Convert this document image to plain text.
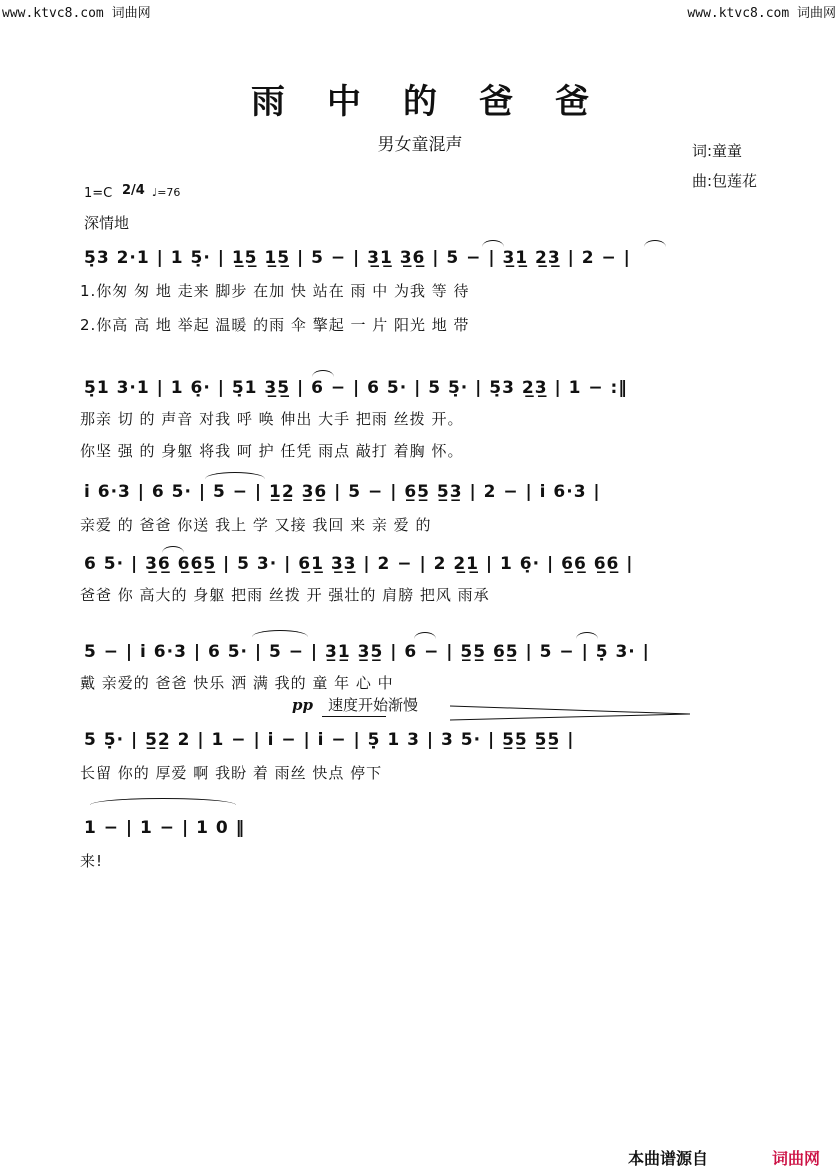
www.ktvc8.com 词曲网	www.ktvc8.com 词曲网
雨中的爸爸
男女童混声	词:童童
曲:包莲花
1=C 2/4 ♩=76
深情地
5̣3 2·1 | 1 5̣· | 1̲5̲ 1̲5̲ | 5 − | 3̲1̲ 3̲6̲ | 5 − | 3̲1̲ 2̲3̲ | 2 − |
1.你匆 匆 地 走来 脚步 在加 快 站在 雨 中 为我 等 待
2.你高 高 地 举起 温暖 的雨 伞 擎起 一 片 阳光 地 带
5̣1 3·1 | 1 6̣· | 5̣1 3̲5̲ | 6 − | 6 5· | 5 5̣· | 5̣3 2̲3̲ | 1 − :‖
那亲 切 的 声音 对我 呼 唤 伸出 大手 把雨 丝拨 开。
你坚 强 的 身躯 将我 呵 护 任凭 雨点 敲打 着胸 怀。
i 6·3 | 6 5· | 5 − | 1̲2̲ 3̲6̲ | 5 − | 6̲5̲ 5̲3̲ | 2 − | i 6·3 |
亲爱 的 爸爸 你送 我上 学 又接 我回 来 亲 爱 的
6 5· | 3̲6̲ 6̲6̲5̲ | 5 3· | 6̲1̲ 3̲3̲ | 2 − | 2 2̲1̲ | 1 6̣· | 6̲6̲ 6̲6̲ |
爸爸 你 高大的 身躯 把雨 丝拨 开 强壮的 肩膀 把风 雨承
5 − | i 6·3 | 6 5· | 5 − | 3̲1̲ 3̲5̲ | 6 − | 5̲5̲ 6̲5̲ | 5 − | 5̣ 3· |
戴 亲爱的 爸爸 快乐 洒 满 我的 童 年 心 中
pp 速度开始渐慢
5 5̣· | 5̲2̲ 2 | 1 − | i − | i − | 5̣ 1 3 | 3 5· | 5̲5̲ 5̲5̲ |
长留 你的 厚爱 啊 我盼 着 雨丝 快点 停下
1 − | 1 − | 1 0 ‖
来!
本曲谱源自	词曲网
